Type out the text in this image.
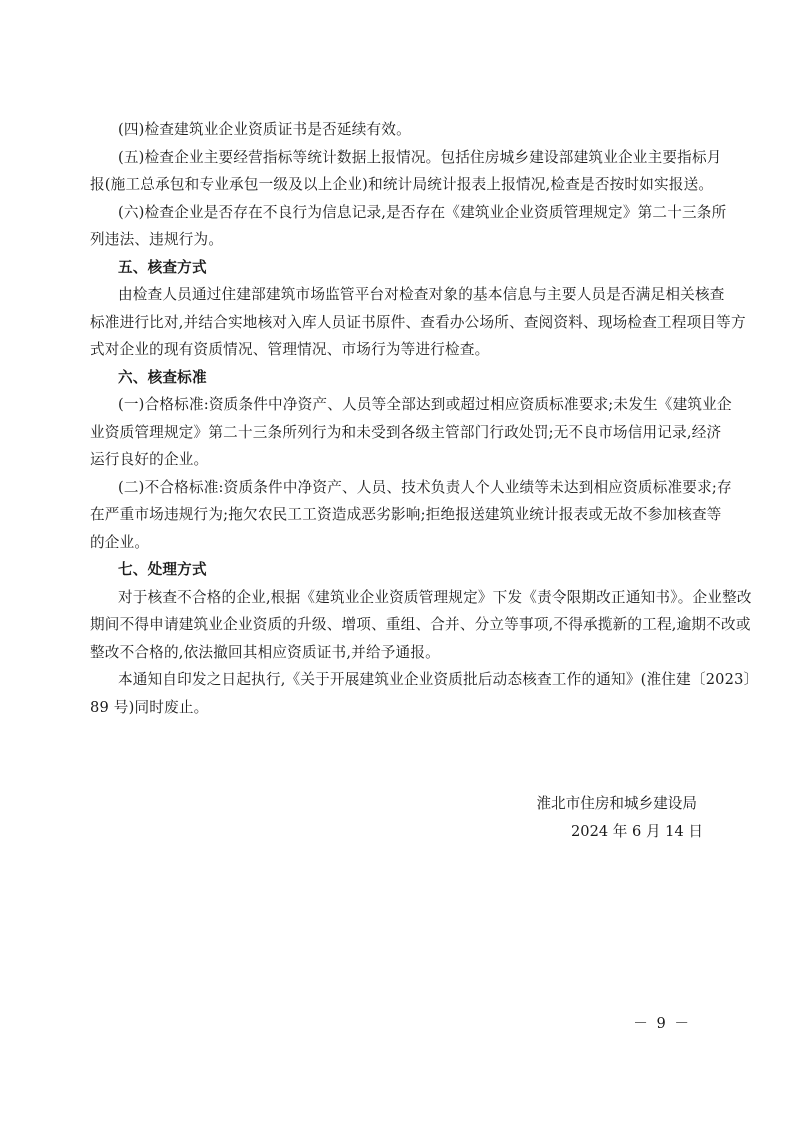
(四)检查建筑业企业资质证书是否延续有效。
(五)检查企业主要经营指标等统计数据上报情况。包括住房城乡建设部建筑业企业主要指标月
报(施工总承包和专业承包一级及以上企业)和统计局统计报表上报情况,检查是否按时如实报送。
(六)检查企业是否存在不良行为信息记录,是否存在《建筑业企业资质管理规定》第二十三条所
列违法、违规行为。
五、核查方式
由检查人员通过住建部建筑市场监管平台对检查对象的基本信息与主要人员是否满足相关核查
标准进行比对,并结合实地核对入库人员证书原件、查看办公场所、查阅资料、现场检查工程项目等方
式对企业的现有资质情况、管理情况、市场行为等进行检查。
六、核查标准
(一)合格标准:资质条件中净资产、人员等全部达到或超过相应资质标准要求;未发生《建筑业企
业资质管理规定》第二十三条所列行为和未受到各级主管部门行政处罚;无不良市场信用记录,经济
运行良好的企业。
(二)不合格标准:资质条件中净资产、人员、技术负责人个人业绩等未达到相应资质标准要求;存
在严重市场违规行为;拖欠农民工工资造成恶劣影响;拒绝报送建筑业统计报表或无故不参加核查等
的企业。
七、处理方式
对于核查不合格的企业,根据《建筑业企业资质管理规定》下发《责令限期改正通知书》。企业整改
期间不得申请建筑业企业资质的升级、增项、重组、合并、分立等事项,不得承揽新的工程,逾期不改或
整改不合格的,依法撤回其相应资质证书,并给予通报。
本通知自印发之日起执行,《关于开展建筑业企业资质批后动态核查工作的通知》(淮住建〔2023〕
89 号)同时废止。
淮北市住房和城乡建设局
2024 年 6 月 14 日
－ 9 －
